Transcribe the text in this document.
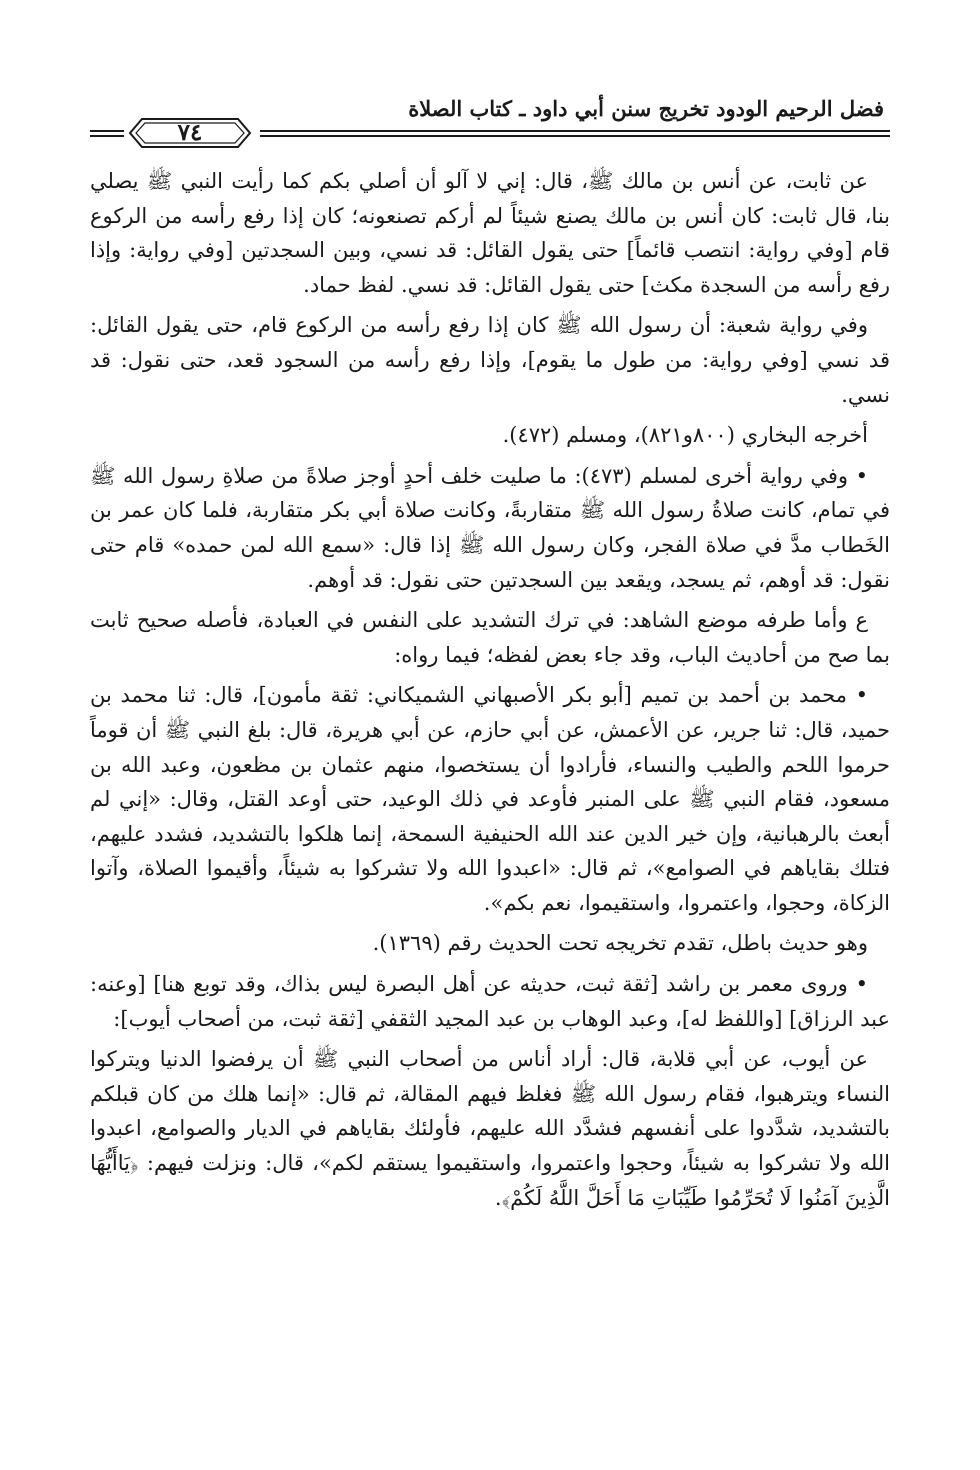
فضل الرحيم الودود تخريج سنن أبي داود ـ كتاب الصلاة
٧٤

عن ثابت، عن أنس بن مالك ﷺ، قال: إني لا آلو أن أصلي بكم كما رأيت النبي ﷺ يصلي بنا، قال ثابت: كان أنس بن مالك يصنع شيئاً لم أركم تصنعونه؛ كان إذا رفع رأسه من الركوع قام [وفي رواية: انتصب قائماً] حتى يقول القائل: قد نسي، وبين السجدتين [وفي رواية: وإذا رفع رأسه من السجدة مكث] حتى يقول القائل: قد نسي. لفظ حماد.

وفي رواية شعبة: أن رسول الله ﷺ كان إذا رفع رأسه من الركوع قام، حتى يقول القائل: قد نسي [وفي رواية: من طول ما يقوم]، وإذا رفع رأسه من السجود قعد، حتى نقول: قد نسي.

أخرجه البخاري (٨٠٠و٨٢١)، ومسلم (٤٧٢).

• وفي رواية أخرى لمسلم (٤٧٣): ما صليت خلف أحدٍ أوجز صلاةً من صلاةِ رسول الله ﷺ في تمام، كانت صلاةُ رسول الله ﷺ متقاربةً، وكانت صلاة أبي بكر متقاربة، فلما كان عمر بن الخَطاب مدَّ في صلاة الفجر، وكان رسول الله ﷺ إذا قال: «سمع الله لمن حمده» قام حتى نقول: قد أوهم، ثم يسجد، ويقعد بين السجدتين حتى نقول: قد أوهم.

ع وأما طرفه موضع الشاهد: في ترك التشديد على النفس في العبادة، فأصله صحيح ثابت بما صح من أحاديث الباب، وقد جاء بعض لفظه؛ فيما رواه:

• محمد بن أحمد بن تميم [أبو بكر الأصبهاني الشميكاني: ثقة مأمون]، قال: ثنا محمد بن حميد، قال: ثنا جرير، عن الأعمش، عن أبي حازم، عن أبي هريرة، قال: بلغ النبي ﷺ أن قوماً حرموا اللحم والطيب والنساء، فأرادوا أن يستخصوا، منهم عثمان بن مظعون، وعبد الله بن مسعود، فقام النبي ﷺ على المنبر فأوعد في ذلك الوعيد، حتى أوعد القتل، وقال: «إني لم أبعث بالرهبانية، وإن خير الدين عند الله الحنيفية السمحة، إنما هلكوا بالتشديد، فشدد عليهم، فتلك بقاياهم في الصوامع»، ثم قال: «اعبدوا الله ولا تشركوا به شيئاً، وأقيموا الصلاة، وآتوا الزكاة، وحجوا، واعتمروا، واستقيموا، نعم بكم».

وهو حديث باطل، تقدم تخريجه تحت الحديث رقم (١٣٦٩).

• وروى معمر بن راشد [ثقة ثبت، حديثه عن أهل البصرة ليس بذاك، وقد توبع هنا] [وعنه: عبد الرزاق] [واللفظ له]، وعبد الوهاب بن عبد المجيد الثقفي [ثقة ثبت، من أصحاب أيوب]:

عن أيوب، عن أبي قلابة، قال: أراد أناس من أصحاب النبي ﷺ أن يرفضوا الدنيا ويتركوا النساء ويترهبوا، فقام رسول الله ﷺ فغلظ فيهم المقالة، ثم قال: «إنما هلك من كان قبلكم بالتشديد، شدَّدوا على أنفسهم فشدَّد الله عليهم، فأولئك بقاياهم في الديار والصوامع، اعبدوا الله ولا تشركوا به شيئاً، وحجوا واعتمروا، واستقيموا يستقم لكم»، قال: ونزلت فيهم: ﴿يَاأَيُّهَا الَّذِينَ آمَنُوا لَا تُحَرِّمُوا طَيِّبَاتِ مَا أَحَلَّ اللَّهُ لَكُمْ﴾.
